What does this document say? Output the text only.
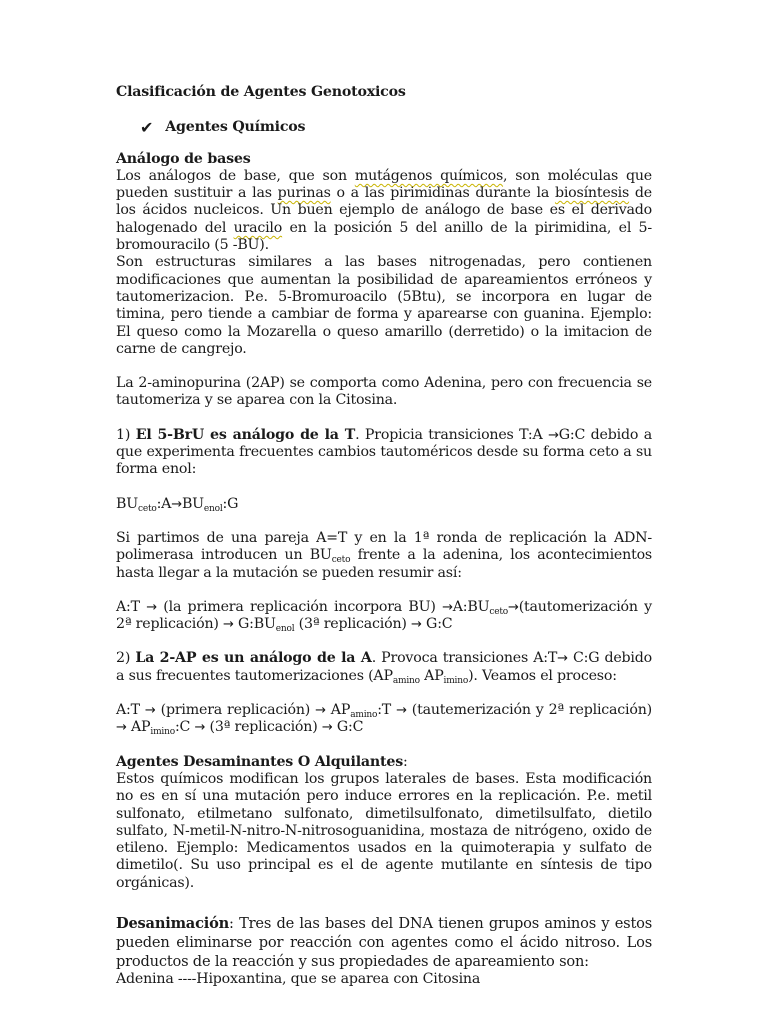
Clasificación de Agentes Genotoxicos

✔ Agentes Químicos

Análogo de bases

Los análogos de base, que son mutágenos químicos, son moléculas que pueden sustituir a las purinas o a las pirimidinas durante la biosíntesis de los ácidos nucleicos. Un buen ejemplo de análogo de base es el derivado halogenado del uracilo en la posición 5 del anillo de la pirimidina, el 5-bromouracilo (5 -BU).

Son estructuras similares a las bases nitrogenadas, pero contienen modificaciones que aumentan la posibilidad de apareamientos erróneos y tautomerizacion. P.e. 5-Bromuroacilo (5Btu), se incorpora en lugar de timina, pero tiende a cambiar de forma y aparearse con guanina. Ejemplo: El queso como la Mozarella o queso amarillo (derretido) o la imitacion de carne de cangrejo.

La 2-aminopurina (2AP) se comporta como Adenina, pero con frecuencia se tautomeriza y se aparea con la Citosina.

1) El 5-BrU es análogo de la T. Propicia transiciones T:A →G:C debido a que experimenta frecuentes cambios tautoméricos desde su forma ceto a su forma enol:

$BU_{ceto}:A\to BU_{enol}:G$

Si partimos de una pareja A=T y en la 1ª ronda de replicación la ADN-polimerasa introducen un $BU_{ceto}$ frente a la adenina, los acontecimientos hasta llegar a la mutación se pueden resumir así:

A:T → (la primera replicación incorpora $BU) \to A:BU_{ceto}\to(tautomerización$ y 2ª replicación) → $G:BU_{enol}$ (3ª replicación) → G:C

2) La 2-AP es un análogo de la A. Provoca transiciones A:T→ C:G debido a sus frecuentes tautomerizaciones ($AP_{amino}$ $AP_{imino}$). Veamos el proceso:

A:T → (primera replicación) → $AP_{amino}:T$ → (tautemerización y 2ª replicación) → $AP_{imino}:C$ → (3ª replicación) → G:C

Agentes Desaminantes O Alquilantes:

Estos químicos modifican los grupos laterales de bases. Esta modificación no es en sí una mutación pero induce errores en la replicación. P.e. metil sulfonato, etilmetano sulfonato, dimetilsulfonato, dimetilsulfato, dietilo sulfato, N-metil-N-nitro-N-nitrosoguanidina, mostaza de nitrógeno, oxido de etileno. Ejemplo: Medicamentos usados en la quimoterapia y sulfato de dimetilo(. Su uso principal es el de agente mutilante en síntesis de tipo orgánicas).

Desanimación: Tres de las bases del DNA tienen grupos aminos y estos pueden eliminarse por reacción con agentes como el ácido nitroso. Los productos de la reacción y sus propiedades de apareamiento son:

Adenina ----Hipoxantina, que se aparea con Citosina
